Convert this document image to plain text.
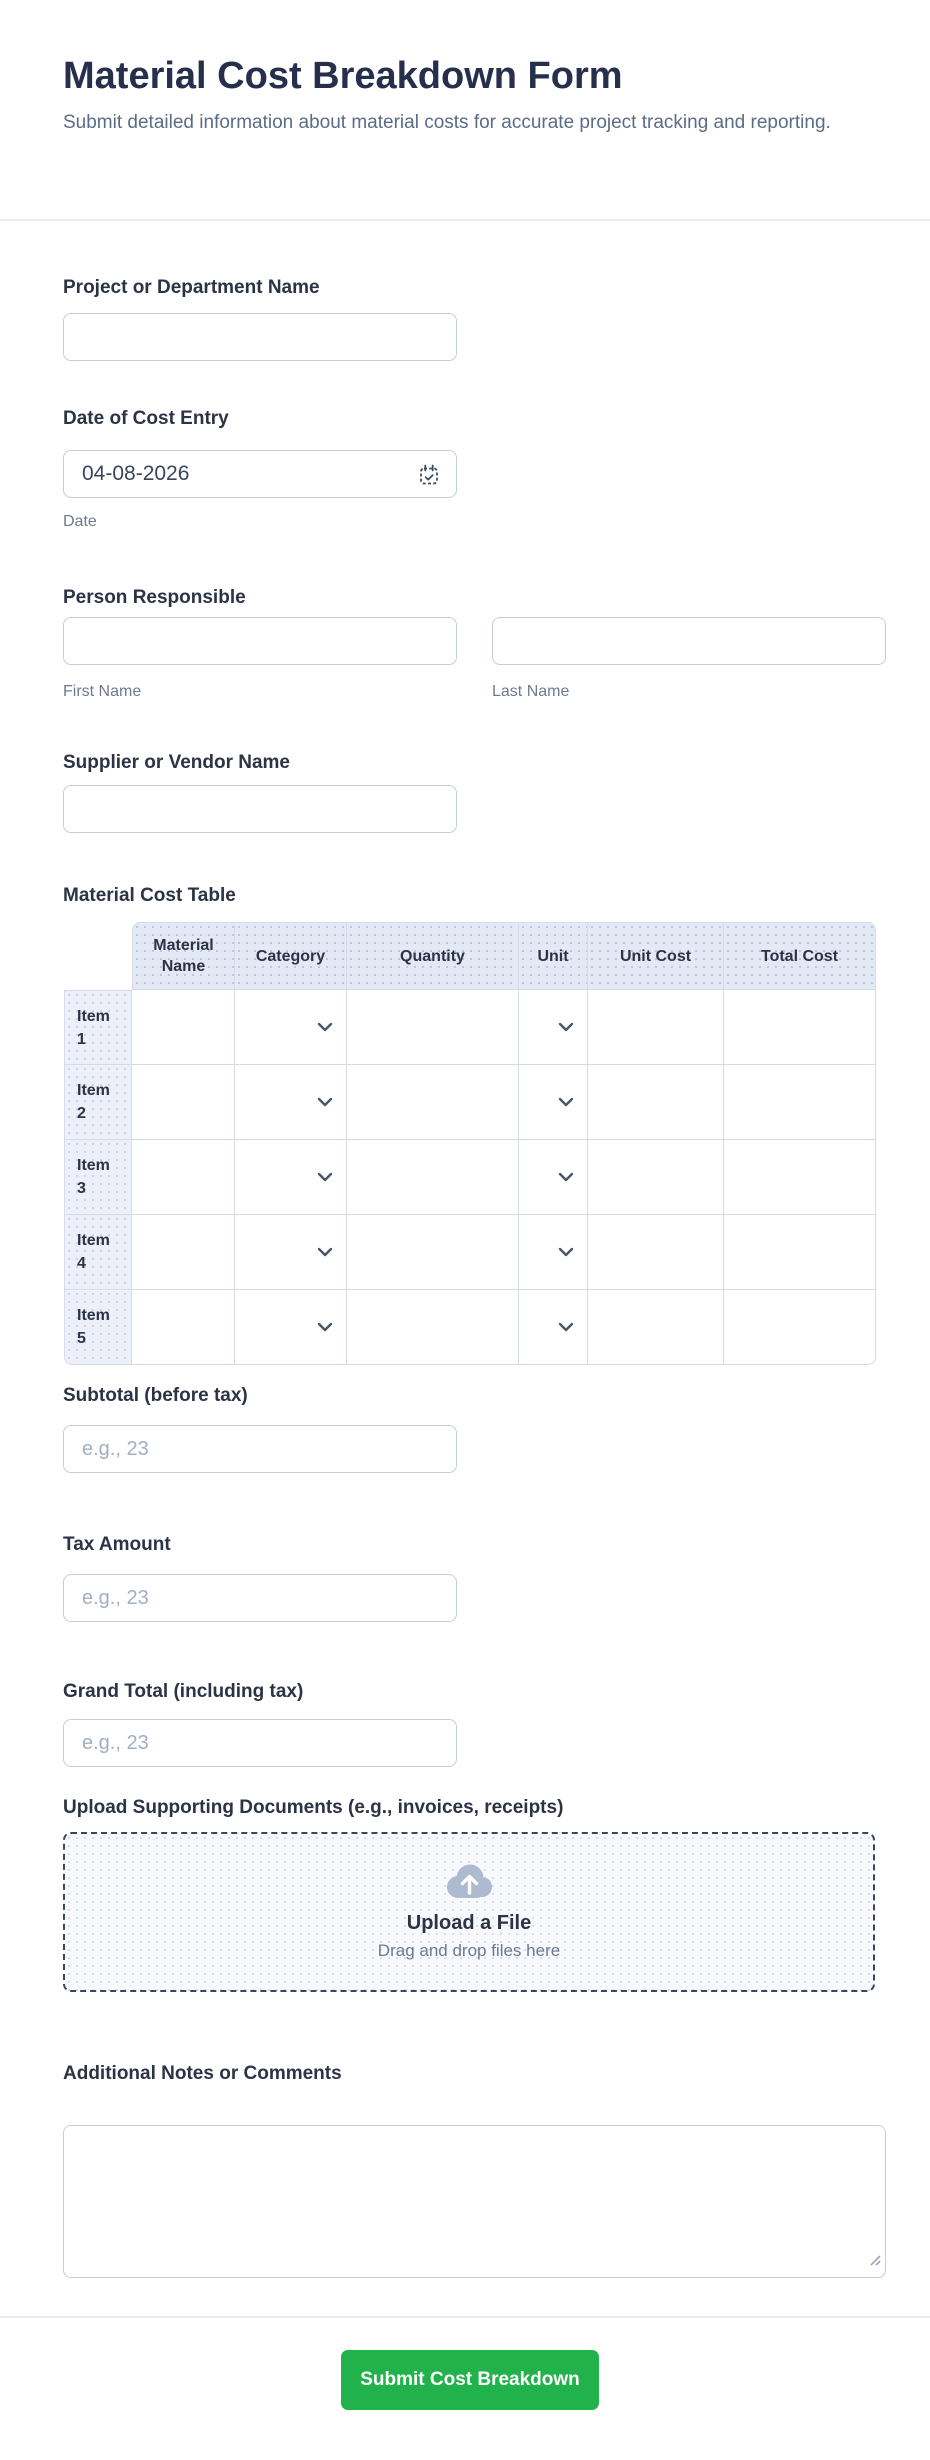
Material Cost Breakdown Form
Submit detailed information about material costs for accurate project tracking and reporting.
Project or Department Name
Date of Cost Entry
04-08-2026
Date
Person Responsible
First Name	Last Name
Supplier or Vendor Name
Material Cost Table
	Material Name	Category	Quantity	Unit	Unit Cost	Total Cost
Item 1						
Item 2						
Item 3						
Item 4						
Item 5						
Subtotal (before tax)
e.g., 23
Tax Amount
e.g., 23
Grand Total (including tax)
e.g., 23
Upload Supporting Documents (e.g., invoices, receipts)
Upload a File
Drag and drop files here
Additional Notes or Comments
Submit Cost Breakdown
